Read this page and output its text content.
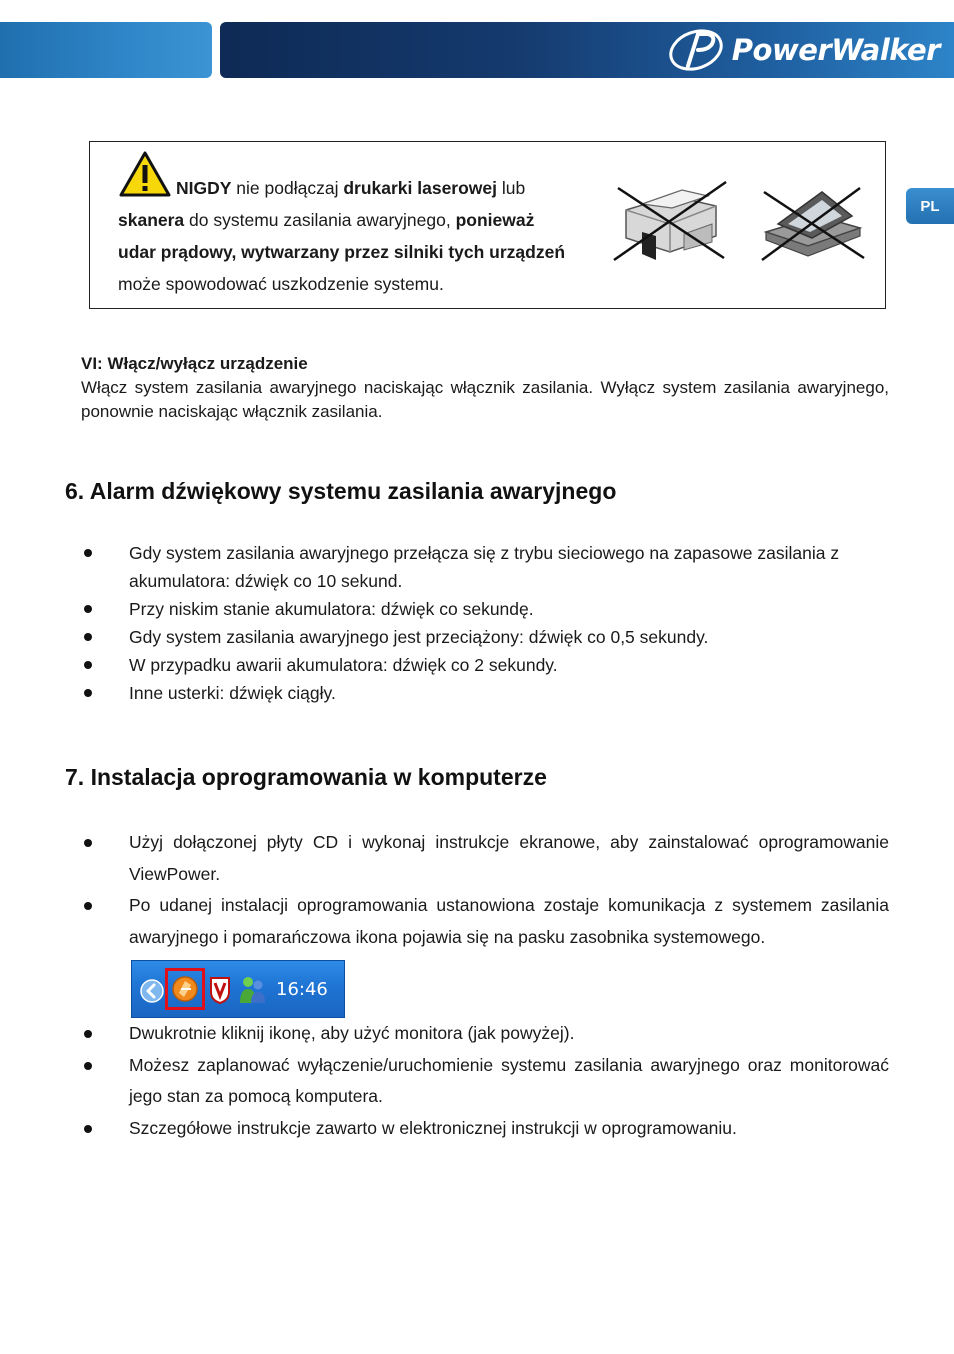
PowerWalker
PL
NIGDY nie podłączaj drukarki laserowej lub
skanera do systemu zasilania awaryjnego, ponieważ
udar prądowy, wytwarzany przez silniki tych urządzeń
może spowodować uszkodzenie systemu.
VI: Włącz/wyłącz urządzenie

Włącz system zasilania awaryjnego naciskając włącznik zasilania. Wyłącz system zasilania awaryjnego, ponownie naciskając włącznik zasilania.

6. Alarm dźwiękowy systemu zasilania awaryjnego
Gdy system zasilania awaryjnego przełącza się z trybu sieciowego na zapasowe zasilania z akumulatora: dźwięk co 10 sekund.
Przy niskim stanie akumulatora: dźwięk co sekundę.
Gdy system zasilania awaryjnego jest przeciążony: dźwięk co 0,5 sekundy.
W przypadku awarii akumulatora: dźwięk co 2 sekundy.
Inne usterki: dźwięk ciągły.
7. Instalacja oprogramowania w komputerze
Użyj dołączonej płyty CD i wykonaj instrukcje ekranowe, aby zainstalować oprogramowanie ViewPower.
Po udanej instalacji oprogramowania ustanowiona zostaje komunikacja z systemem zasilania awaryjnego i pomarańczowa ikona pojawia się na pasku zasobnika systemowego.
16:46
Dwukrotnie kliknij ikonę, aby użyć monitora (jak powyżej).
Możesz zaplanować wyłączenie/uruchomienie systemu zasilania awaryjnego oraz monitorować jego stan za pomocą komputera.
Szczegółowe instrukcje zawarto w elektronicznej instrukcji w oprogramowaniu.
